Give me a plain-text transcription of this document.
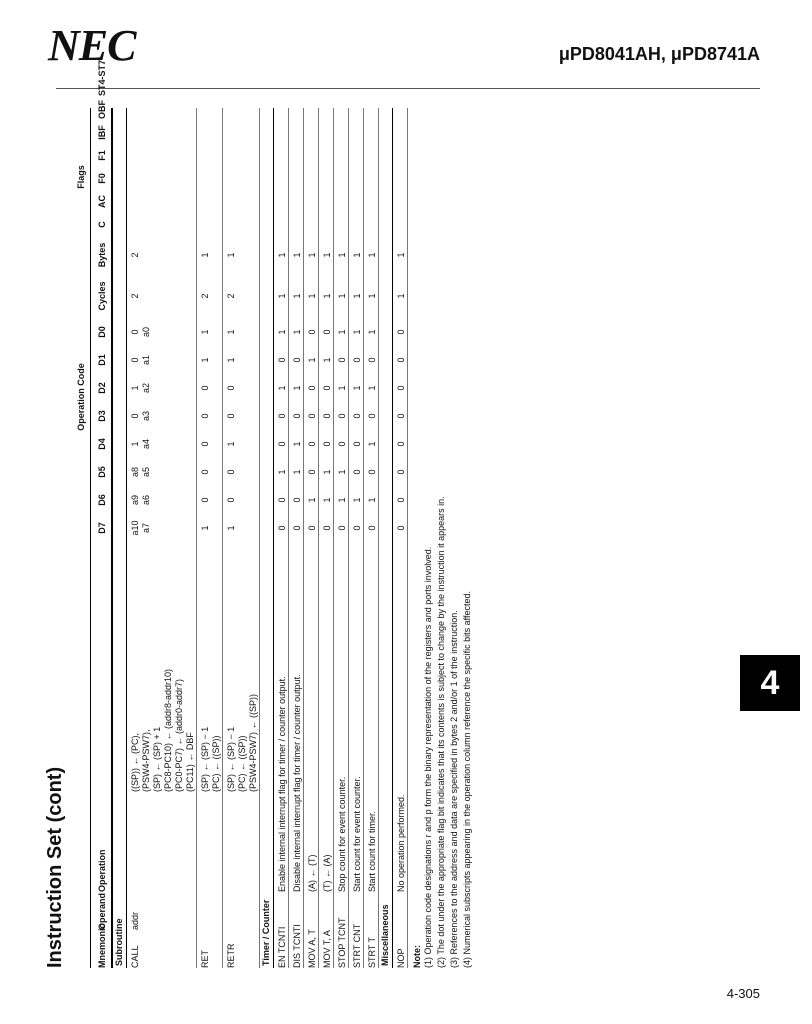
NEC	μPD8041AH, μPD8741A
4
4-305
Instruction Set (cont)
Operation Code
Flags
Mnemonic
Operand
Operation
D7
D6
D5
D4
D3
D2
D1
D0
Cycles
Bytes
C
AC
F0
F1
IBF
OBF
ST4-ST7
Subroutine CALL
addr
((SP)) ← (PC), (PSW4-PSW7), (SP) ← (SP) + 1 (PC8-PC10) ← (addr8-addr10) (PC0-PC7) ← (addr0-addr7) (PC11) ← DBF
a10 a7
a9 a6
a8 a5
1 a4
0 a3
1 a2
0 a1
0 a0
2
2
RET
(SP) ← (SP) − 1 (PC) ← ((SP))
1
0
0
0
0
0
1
1
2
1
RETR
(SP) ← (SP) − 1 (PC) ← ((SP)) (PSW4-PSW7) ← ((SP))
1
0
0
1
0
0
1
1
2
1
Timer / Counter EN TCNTI
Enable internal interrupt flag for timer / counter output.
0
0
1
0
0
1
0
1
1
1
DIS TCNTI
Disable internal interrupt flag for timer / counter output.
0
0
1
1
0
1
0
1
1
1
MOV A, T
(A) ← (T)
0
1
0
0
0
0
1
0
1
1
MOV T, A
(T) ← (A)
0
1
1
0
0
0
1
0
1
1
STOP TCNT
Stop count for event counter.
0
1
1
0
0
1
0
1
1
1
STRT CNT
Start count for event counter.
0
1
0
0
0
1
0
1
1
1
STRT T
Start count for timer.
0
1
0
1
0
1
0
1
1
1
Miscellaneous NOP
No operation performed.
0
0
0
0
0
0
0
0
1
1
Note: (1) Operation code designations r and p form the binary representation of the registers and ports involved. (2) The dot under the appropriate flag bit indicates that its contents is subject to change by the instruction it appears in. (3) References to the address and data are specified in bytes 2 and/or 1 of the instruction. (4) Numerical subscripts appearing in the operation column reference the specific bits affected.
